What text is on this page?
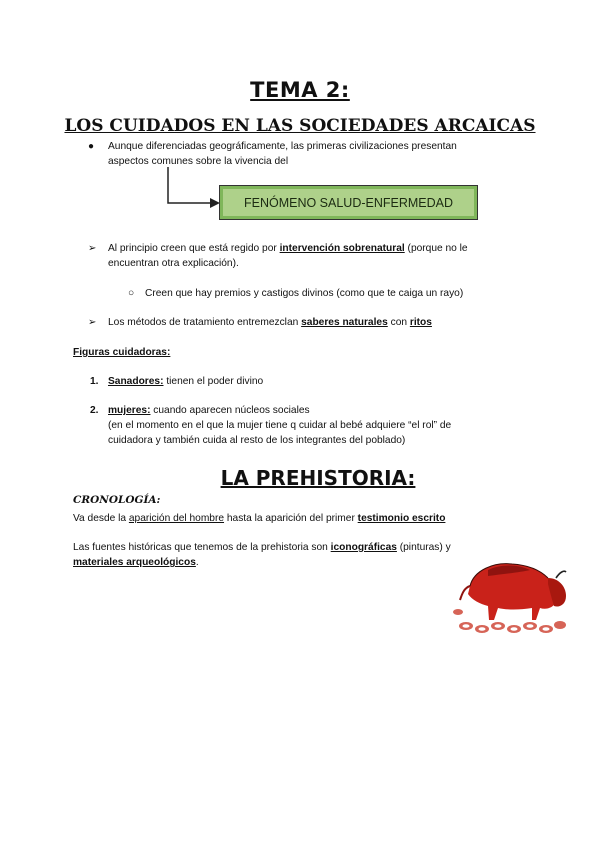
TEMA 2:
LOS CUIDADOS EN LAS SOCIEDADES ARCAICAS
● Aunque diferenciadas geográficamente, las primeras civilizaciones presentan
aspectos comunes sobre la vivencia del
FENÓMENO SALUD-ENFERMEDAD
➢ Al principio creen que está regido por intervención sobrenatural (porque no le
encuentran otra explicación).
○ Creen que hay premios y castigos divinos (como que te caiga un rayo)
➢ Los métodos de tratamiento entremezclan saberes naturales con ritos
Figuras cuidadoras:
1. Sanadores: tienen el poder divino
2. mujeres: cuando aparecen núcleos sociales
(en el momento en el que la mujer tiene q cuidar al bebé adquiere “el rol” de
cuidadora y también cuida al resto de los integrantes del poblado)
LA PREHISTORIA:
CRONOLOGÍA:
Va desde la aparición del hombre hasta la aparición del primer testimonio escrito
Las fuentes históricas que tenemos de la prehistoria son iconográficas (pinturas) y
materiales arqueológicos.
